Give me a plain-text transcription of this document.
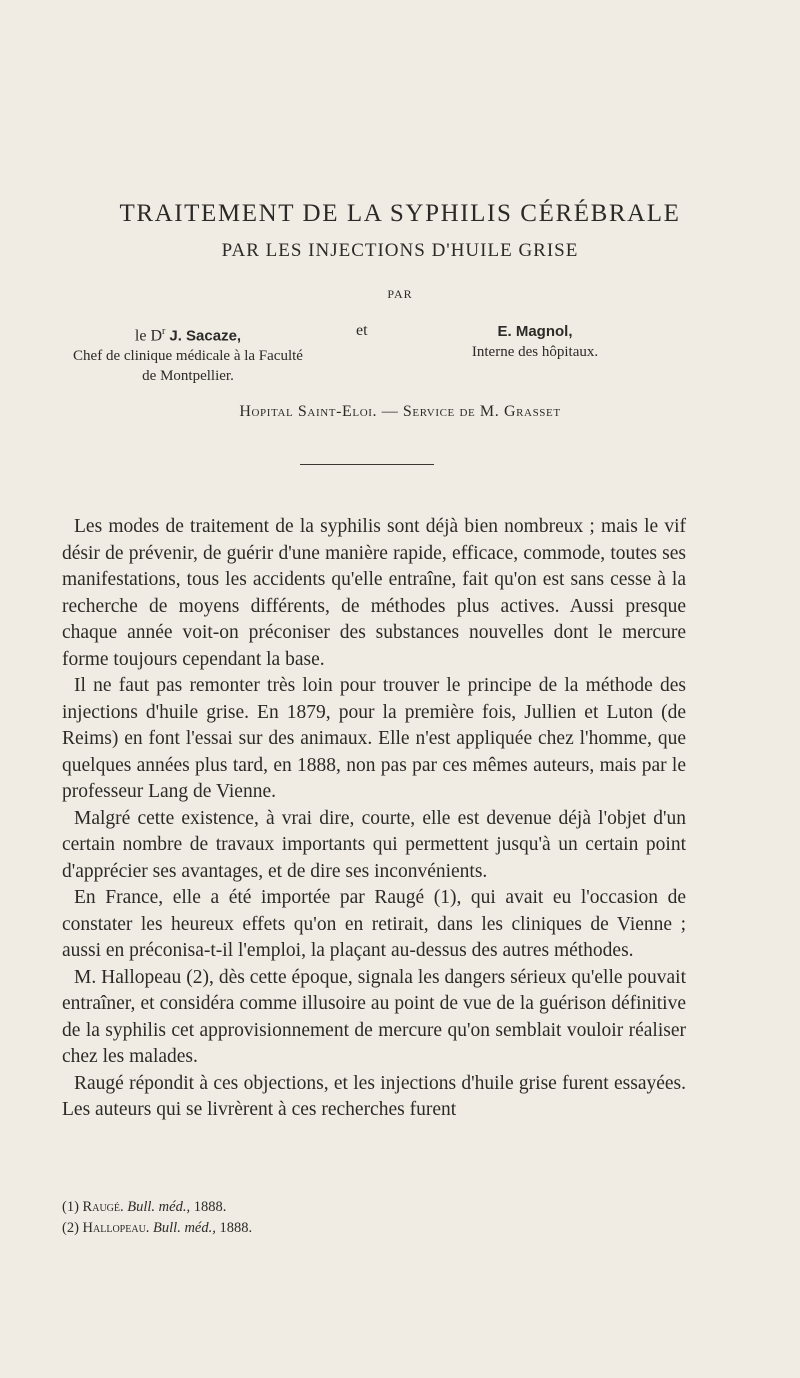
TRAITEMENT DE LA SYPHILIS CÉRÉBRALE
PAR LES INJECTIONS D'HUILE GRISE
PAR
le $D^r$ J. Sacaze,
Chef de clinique médicale à la Faculté
de Montpellier.
et	E. Magnol,
Interne des hôpitaux.
Hopital Saint-Eloi. — Service de M. Grasset

Les modes de traitement de la syphilis sont déjà bien nombreux ; mais le vif désir de prévenir, de guérir d'une manière rapide, efficace, commode, toutes ses manifestations, tous les accidents qu'elle entraîne, fait qu'on est sans cesse à la recherche de moyens différents, de méthodes plus actives. Aussi presque chaque année voit-on préconiser des substances nouvelles dont le mercure forme toujours cependant la base.

Il ne faut pas remonter très loin pour trouver le principe de la méthode des injections d'huile grise. En 1879, pour la première fois, Jullien et Luton (de Reims) en font l'essai sur des animaux. Elle n'est appliquée chez l'homme, que quelques années plus tard, en 1888, non pas par ces mêmes auteurs, mais par le professeur Lang de Vienne.

Malgré cette existence, à vrai dire, courte, elle est devenue déjà l'objet d'un certain nombre de travaux importants qui permettent jusqu'à un certain point d'apprécier ses avantages, et de dire ses inconvénients.

En France, elle a été importée par Raugé (1), qui avait eu l'occasion de constater les heureux effets qu'on en retirait, dans les cliniques de Vienne ; aussi en préconisa-t-il l'emploi, la plaçant au-dessus des autres méthodes.

M. Hallopeau (2), dès cette époque, signala les dangers sérieux qu'elle pouvait entraîner, et considéra comme illusoire au point de vue de la guérison définitive de la syphilis cet approvisionnement de mercure qu'on semblait vouloir réaliser chez les malades.

Raugé répondit à ces objections, et les injections d'huile grise furent essayées. Les auteurs qui se livrèrent à ces recherches furent

(1) Raugé. Bull. méd., 1888.
(2) Hallopeau. Bull. méd., 1888.
